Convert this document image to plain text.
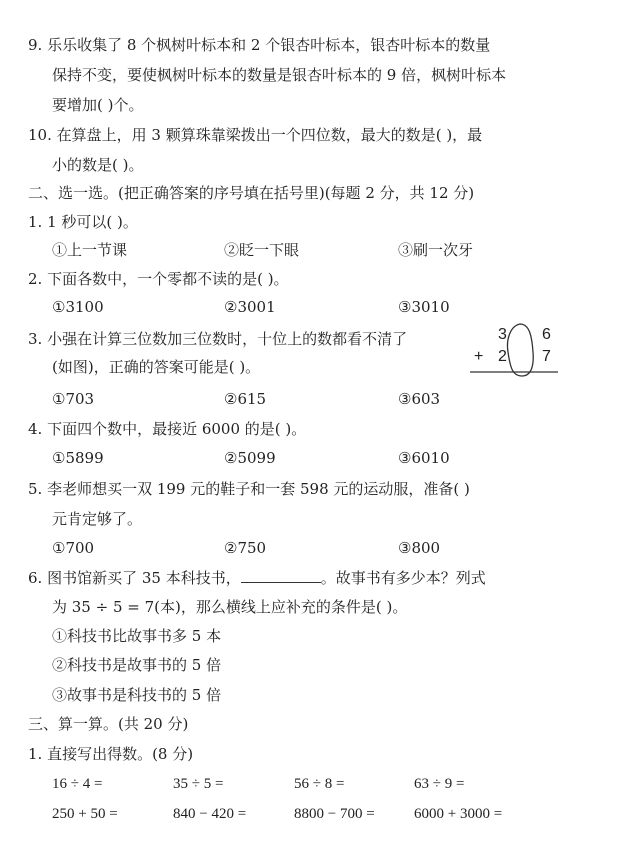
9. 乐乐收集了 8 个枫树叶标本和 2 个银杏叶标本，银杏叶标本的数量
保持不变，要使枫树叶标本的数量是银杏叶标本的 9 倍，枫树叶标本
要增加( )个。
10. 在算盘上，用 3 颗算珠靠梁拨出一个四位数，最大的数是( )，最
小的数是( )。
二、选一选。(把正确答案的序号填在括号里)(每题 2 分，共 12 分)
1. 1 秒可以( )。
①上一节课	②眨一下眼	③刷一次牙
2. 下面各数中，一个零都不读的是( )。
①3100	②3001	③3010
3. 小强在计算三位数加三位数时，十位上的数都看不清了
(如图)，正确的答案可能是( )。
3 6
+ 2 7
①703	②615	③603
4. 下面四个数中，最接近 6000 的是( )。
①5899	②5099	③6010
5. 李老师想买一双 199 元的鞋子和一套 598 元的运动服，准备( )
元肯定够了。
①700	②750	③800
6. 图书馆新买了 35 本科技书，	。故事书有多少本？列式
为 35 ÷ 5 = 7(本)，那么横线上应补充的条件是( )。
①科技书比故事书多 5 本
②科技书是故事书的 5 倍
③故事书是科技书的 5 倍
三、算一算。(共 20 分)
1. 直接写出得数。(8 分)
16 ÷ 4 =	35 ÷ 5 =	56 ÷ 8 =	63 ÷ 9 =
250 + 50 =	840 − 420 =	8800 − 700 =	6000 + 3000 =
